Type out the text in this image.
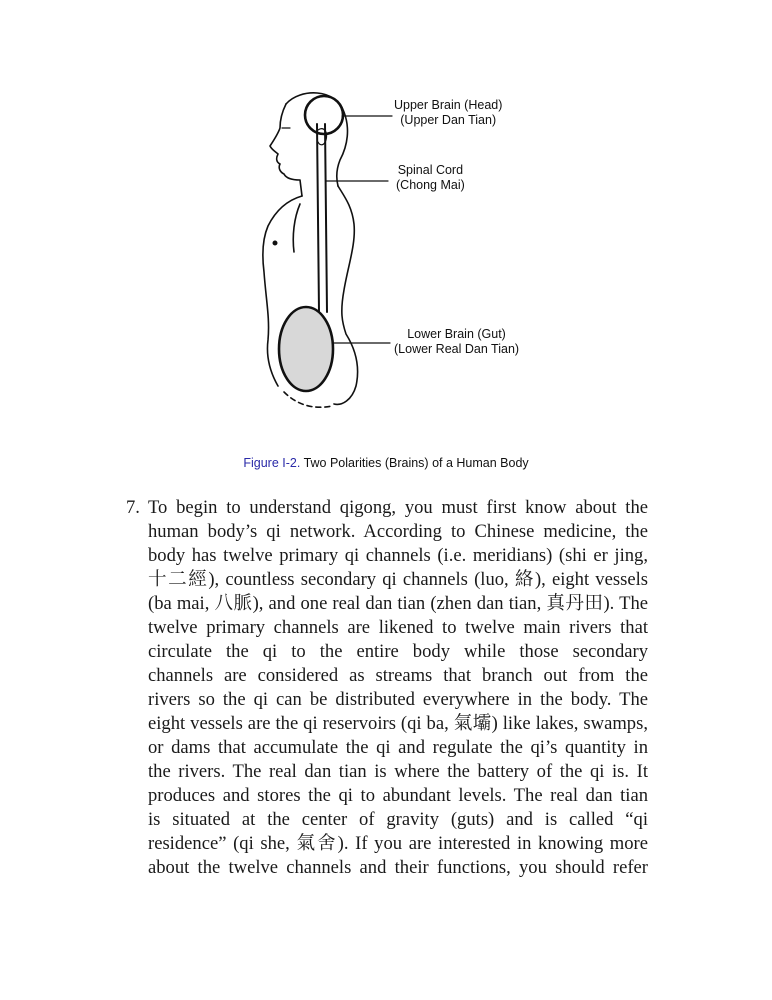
Upper Brain (Head)
(Upper Dan Tian)
Spinal Cord
(Chong Mai)
Lower Brain (Gut)
(Lower Real Dan Tian)
Figure I-2. Two Polarities (Brains) of a Human Body
7. To begin to understand qigong, you must first know about the
human body’s qi network. According to Chinese medicine, the
body has twelve primary qi channels (i.e. meridians) (shi er jing,
十二經), countless secondary qi channels (luo, 絡), eight vessels
(ba mai, 八脈), and one real dan tian (zhen dan tian, 真丹田). The
twelve primary channels are likened to twelve main rivers that
circulate the qi to the entire body while those secondary
channels are considered as streams that branch out from the
rivers so the qi can be distributed everywhere in the body. The
eight vessels are the qi reservoirs (qi ba, 氣壩) like lakes, swamps,
or dams that accumulate the qi and regulate the qi’s quantity in
the rivers. The real dan tian is where the battery of the qi is. It
produces and stores the qi to abundant levels. The real dan tian
is situated at the center of gravity (guts) and is called “qi
residence” (qi she, 氣舍). If you are interested in knowing more
about the twelve channels and their functions, you should refer
